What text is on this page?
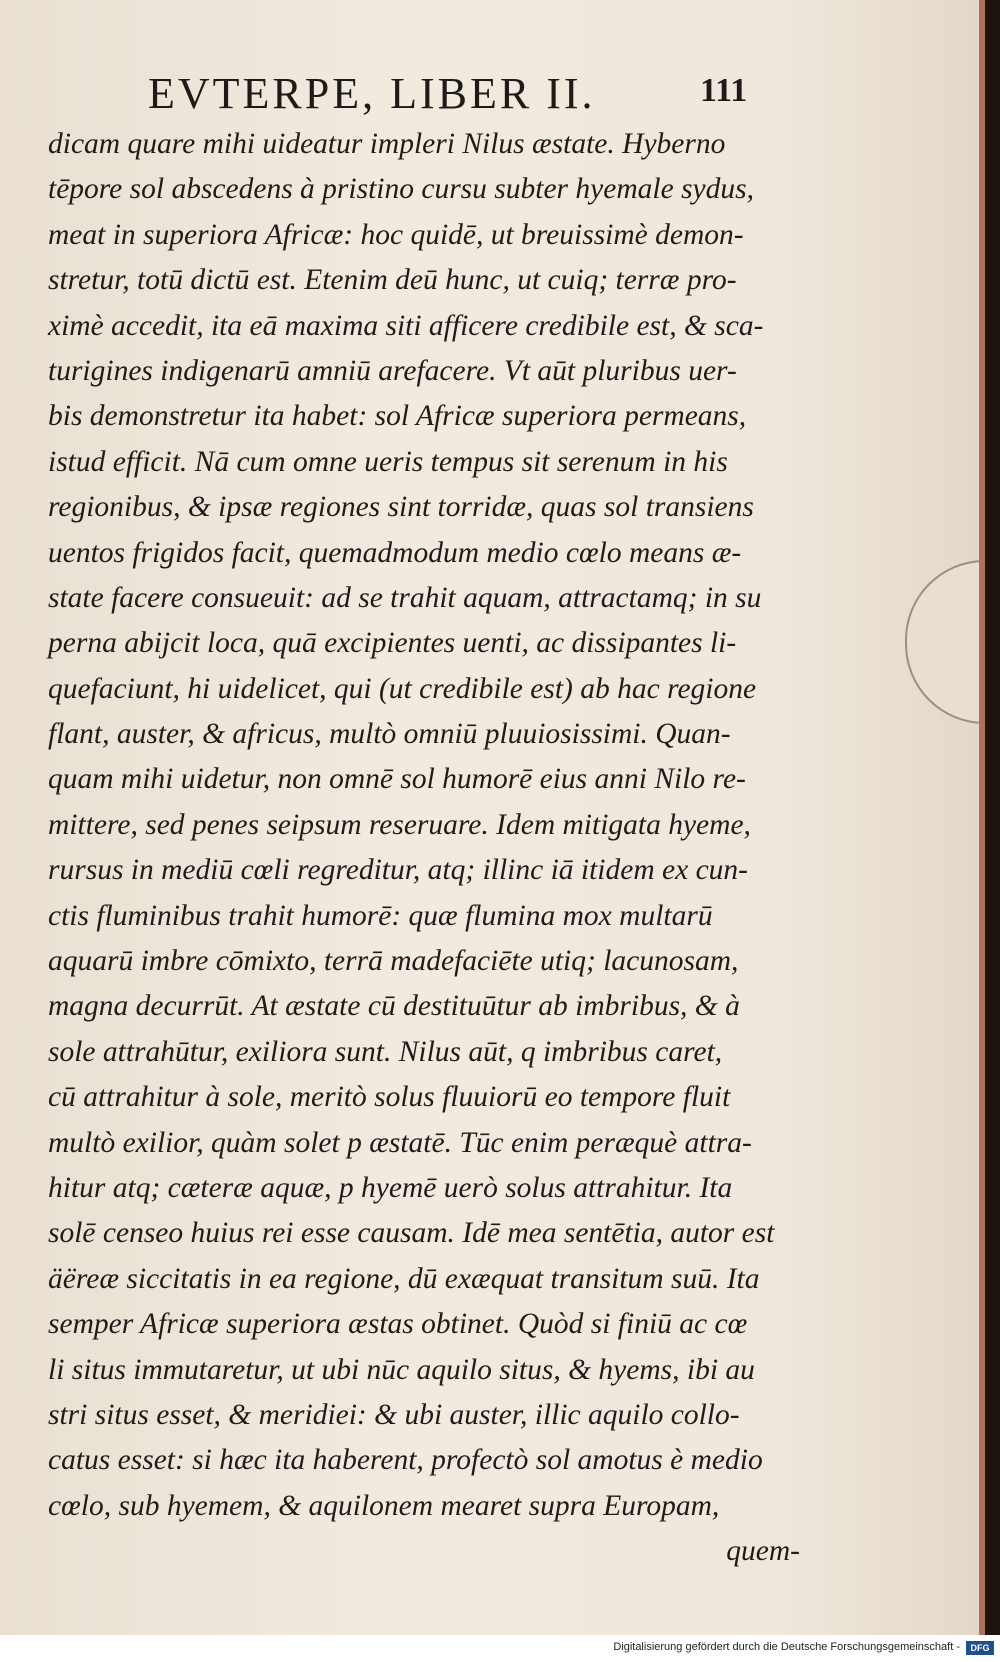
EVTERPE, LIBER II.	111
dicam quare mihi uideatur impleri Nilus æstate. Hyberno
tēpore sol abscedens à pristino cursu subter hyemale sydus,
meat in superiora Africæ: hoc quidē, ut breuissimè demon-
stretur, totū dictū est. Etenim deū hunc, ut cuiq; terræ pro-
ximè accedit, ita eā maxima siti afficere credibile est, & sca-
turigines indigenarū amniū arefacere. Vt aūt pluribus uer-
bis demonstretur ita habet: sol Africæ superiora permeans,
istud efficit. Nā cum omne ueris tempus sit serenum in his
regionibus, & ipsæ regiones sint torridæ, quas sol transiens
uentos frigidos facit, quemadmodum medio cœlo means æ-
state facere consueuit: ad se trahit aquam, attractamq; in su
perna abijcit loca, quā excipientes uenti, ac dissipantes li-
quefaciunt, hi uidelicet, qui (ut credibile est) ab hac regione
flant, auster, & africus, multò omniū pluuiosissimi. Quan-
quam mihi uidetur, non omnē sol humorē eius anni Nilo re-
mittere, sed penes seipsum reseruare. Idem mitigata hyeme,
rursus in mediū cœli regreditur, atq; illinc iā itidem ex cun-
ctis fluminibus trahit humorē: quæ flumina mox multarū
aquarū imbre cōmixto, terrā madefaciēte utiq; lacunosam,
magna decurrūt. At æstate cū destituūtur ab imbribus, & à
sole attrahūtur, exiliora sunt. Nilus aūt, q imbribus caret,
cū attrahitur à sole, meritò solus fluuiorū eo tempore fluit
multò exilior, quàm solet p æstatē. Tūc enim peræquè attra-
hitur atq; cæteræ aquæ, p hyemē uerò solus attrahitur. Ita
solē censeo huius rei esse causam. Idē mea sentētia, autor est
äëreæ siccitatis in ea regione, dū exæquat transitum suū. Ita
semper Africæ superiora æstas obtinet. Quòd si finiū ac cœ
li situs immutaretur, ut ubi nūc aquilo situs, & hyems, ibi au
stri situs esset, & meridiei: & ubi auster, illic aquilo collo-
catus esset: si hæc ita haberent, profectò sol amotus è medio
cœlo, sub hyemem, & aquilonem mearet supra Europam,
quem-
Digitalisierung gefördert durch die Deutsche Forschungsgemeinschaft -	DFG
